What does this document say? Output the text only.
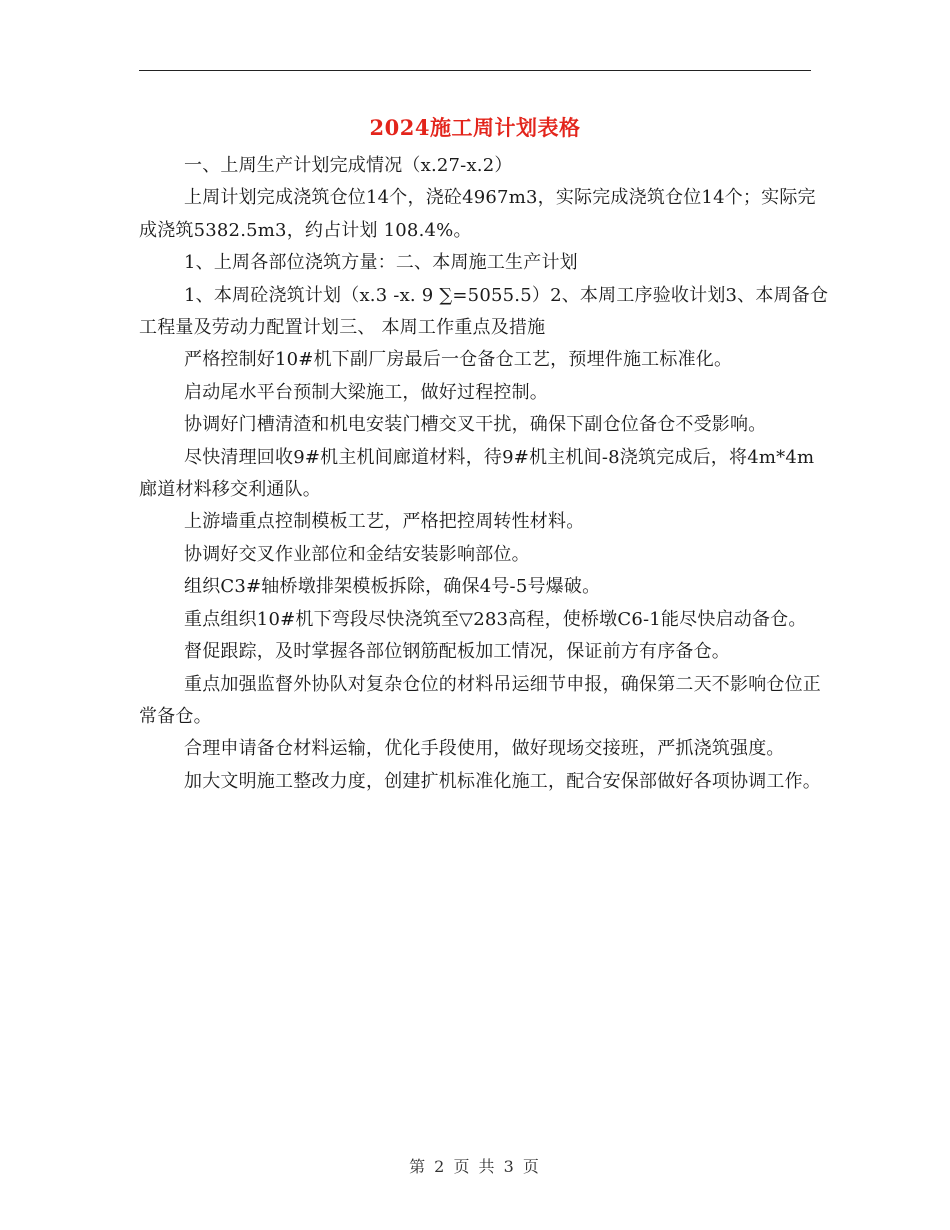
2024施工周计划表格

一、上周生产计划完成情况（x.27-x.2）

上周计划完成浇筑仓位14个，浇砼4967m3，实际完成浇筑仓位14个；实际完成浇筑5382.5m3，约占计划 108.4%。

1、上周各部位浇筑方量：二、本周施工生产计划

1、本周砼浇筑计划（x.3 -x. 9 ∑=5055.5）2、本周工序验收计划3、本周备仓工程量及劳动力配置计划三、 本周工作重点及措施

严格控制好10#机下副厂房最后一仓备仓工艺，预埋件施工标准化。

启动尾水平台预制大梁施工，做好过程控制。

协调好门槽清渣和机电安装门槽交叉干扰，确保下副仓位备仓不受影响。

尽快清理回收9#机主机间廊道材料，待9#机主机间-8浇筑完成后，将4m*4m廊道材料移交利通队。

上游墙重点控制模板工艺，严格把控周转性材料。

协调好交叉作业部位和金结安装影响部位。

组织C3#轴桥墩排架模板拆除，确保4号-5号爆破。

重点组织10#机下弯段尽快浇筑至▽283高程，使桥墩C6-1能尽快启动备仓。

督促跟踪，及时掌握各部位钢筋配板加工情况，保证前方有序备仓。

重点加强监督外协队对复杂仓位的材料吊运细节申报，确保第二天不影响仓位正常备仓。

合理申请备仓材料运输，优化手段使用，做好现场交接班，严抓浇筑强度。

加大文明施工整改力度，创建扩机标准化施工，配合安保部做好各项协调工作。

第 2 页 共 3 页
